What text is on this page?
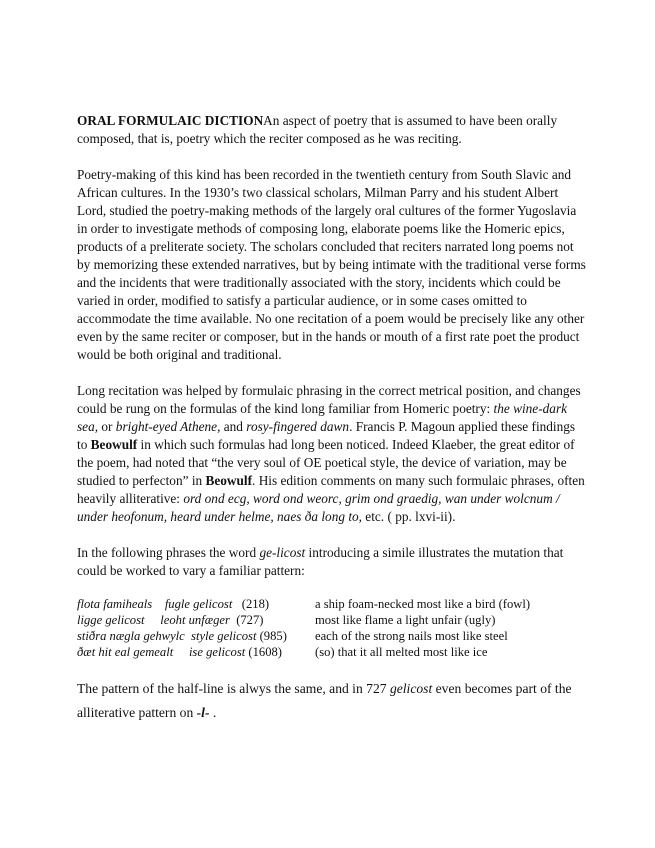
ORAL FORMULAIC DICTIONAn aspect of poetry that is assumed to have been orally composed, that is, poetry which the reciter composed as he was reciting.

Poetry-making of this kind has been recorded in the twentieth century from South Slavic and African cultures. In the 1930’s two classical scholars, Milman Parry and his student Albert Lord, studied the poetry-making methods of the largely oral cultures of the former Yugoslavia in order to investigate methods of composing long, elaborate poems like the Homeric epics, products of a preliterate society. The scholars concluded that reciters narrated long poems not by memorizing these extended narratives, but by being intimate with the traditional verse forms and the incidents that were traditionally associated with the story, incidents which could be varied in order, modified to satisfy a particular audience, or in some cases omitted to accommodate the time available. No one recitation of a poem would be precisely like any other even by the same reciter or composer, but in the hands or mouth of a first rate poet the product would be both original and traditional.

Long recitation was helped by formulaic phrasing in the correct metrical position, and changes could be rung on the formulas of the kind long familiar from Homeric poetry: the wine-dark sea, or bright-eyed Athene, and rosy-fingered dawn. Francis P. Magoun applied these findings to Beowulf in which such formulas had long been noticed. Indeed Klaeber, the great editor of the poem, had noted that “the very soul of OE poetical style, the device of variation, may be studied to perfecton” in Beowulf. His edition comments on many such formulaic phrases, often heavily alliterative: ord ond ecg, word ond weorc, grim ond graedig, wan under wolcnum / under heofonum, heard under helme, naes ða long to, etc. ( pp. lxvi-ii).

In the following phrases the word ge-licost introducing a simile illustrates the mutation that could be worked to vary a familiar pattern:

flota famiheals fugle gelicost (218)	a ship foam-necked most like a bird (fowl)
ligge gelicost leoht unfæger (727)	most like flame a light unfair (ugly)
stiðra nægla gehwylc style gelicost (985)	each of the strong nails most like steel
ðæt hit eal gemealt ise gelicost (1608)	(so) that it all melted most like ice

The pattern of the half-line is alwys the same, and in 727 gelicost even becomes part of the alliterative pattern on -l- .
